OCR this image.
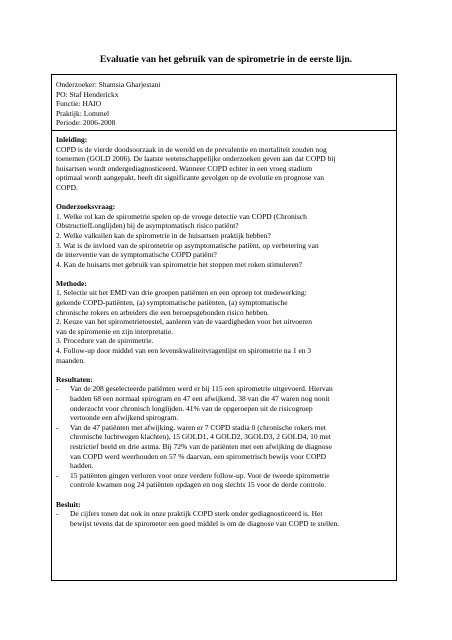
Evaluatie van het gebruik van de spirometrie in de eerste lijn.
Onderzoeker: Shamsia Gharjestani
PO: Staf Henderickx
Functie: HAIO
Praktijk: Lommel
Periode: 2006-2008
Inleiding:
COPD is de vierde doodsoorzaak in de wereld en de prevalentie en mortaliteit zouden nog
toenemen (GOLD 2006). De laatste wetenschappelijke onderzoeken geven aan dat COPD bij
huisartsen wordt ondergediagnosticeerd. Wanneer COPD echter in een vroeg stadium
optimaal wordt aangepakt, heeft dit significante gevolgen op de evolutie en prognose van
COPD.
Onderzoeksvraag:
1. Welke rol kan de spirometrie spelen op de vroege detectie van COPD (Chronisch
ObstructiefLonglijden) bij de asymptomatisch risico patiënt?
2. Welke valkuilen kan de spirometrie in de huisartsen praktijk hebben?
3. Wat is de invloed van de spirometrie op asymptomatische patiënt, op verbetering van
de interventie van de symptomatische COPD patiënt?
4. Kan de huisarts met gebruik van spirometrie het stoppen met roken stimuleren?
Methode:
1. Selectie uit het EMD van drie groepen patiënten en een oproep tot medewerking:
gekende COPD-patiënten, (a) symptomatische patiënten, (a) symptomatische
chronische rokers en arbeiders die een beroepsgebonden risico hebben.
2. Keuze van het spirometrietoestel, aanleren van de vaardigheden voor het uitvoeren
van de spiromenie en zijn interpretatie.
3. Procedure van de spirometrie.
4. Follow-up door middel van een levenskwaliteitvragenlijst en spirometrie na 1 en 3
maanden.
Resultaten:
-	Van de 208 geselecteerde patiënten werd er bij 115 een spirometrie uitgevoerd. Hiervan
hadden 68 een normaal spirogram en 47 een afwijkend. 38 van die 47 waren nog nooit
onderzocht voor chronisch longlijden. 41% van de opgeroepen uit de risicogroep
vertoonde een afwijkend spirogram.
-	Van de 47 patiënten met afwijking, waren er 7 COPD stadia 0 (chronische rokers met
chronische luchtwegen klachten), 15 GOLD1, 4 GOLD2, 3GOLD3, 2 GOLD4, 10 met
restrictief beeld en drie astma. Bij 72% van de patiënten met een afwijking de diagnose
van COPD werd weerhouden en 57 % daarvan, een spirometrisch bewijs voor COPD
hadden.
-	15 patiënten gingen verloren voor onze verdere follow-up. Voor de tweede spirometrie
controle kwamen nog 24 patiënten opdagen en nog slechts 15 voor de derde controle.
Besluit:
-	De cijfers tonen dat ook in onze praktijk COPD sterk onder gediagnosticeerd is. Het
bewijst tevens dat de spirometer een goed middel is om de diagnose van COPD te stellen.
